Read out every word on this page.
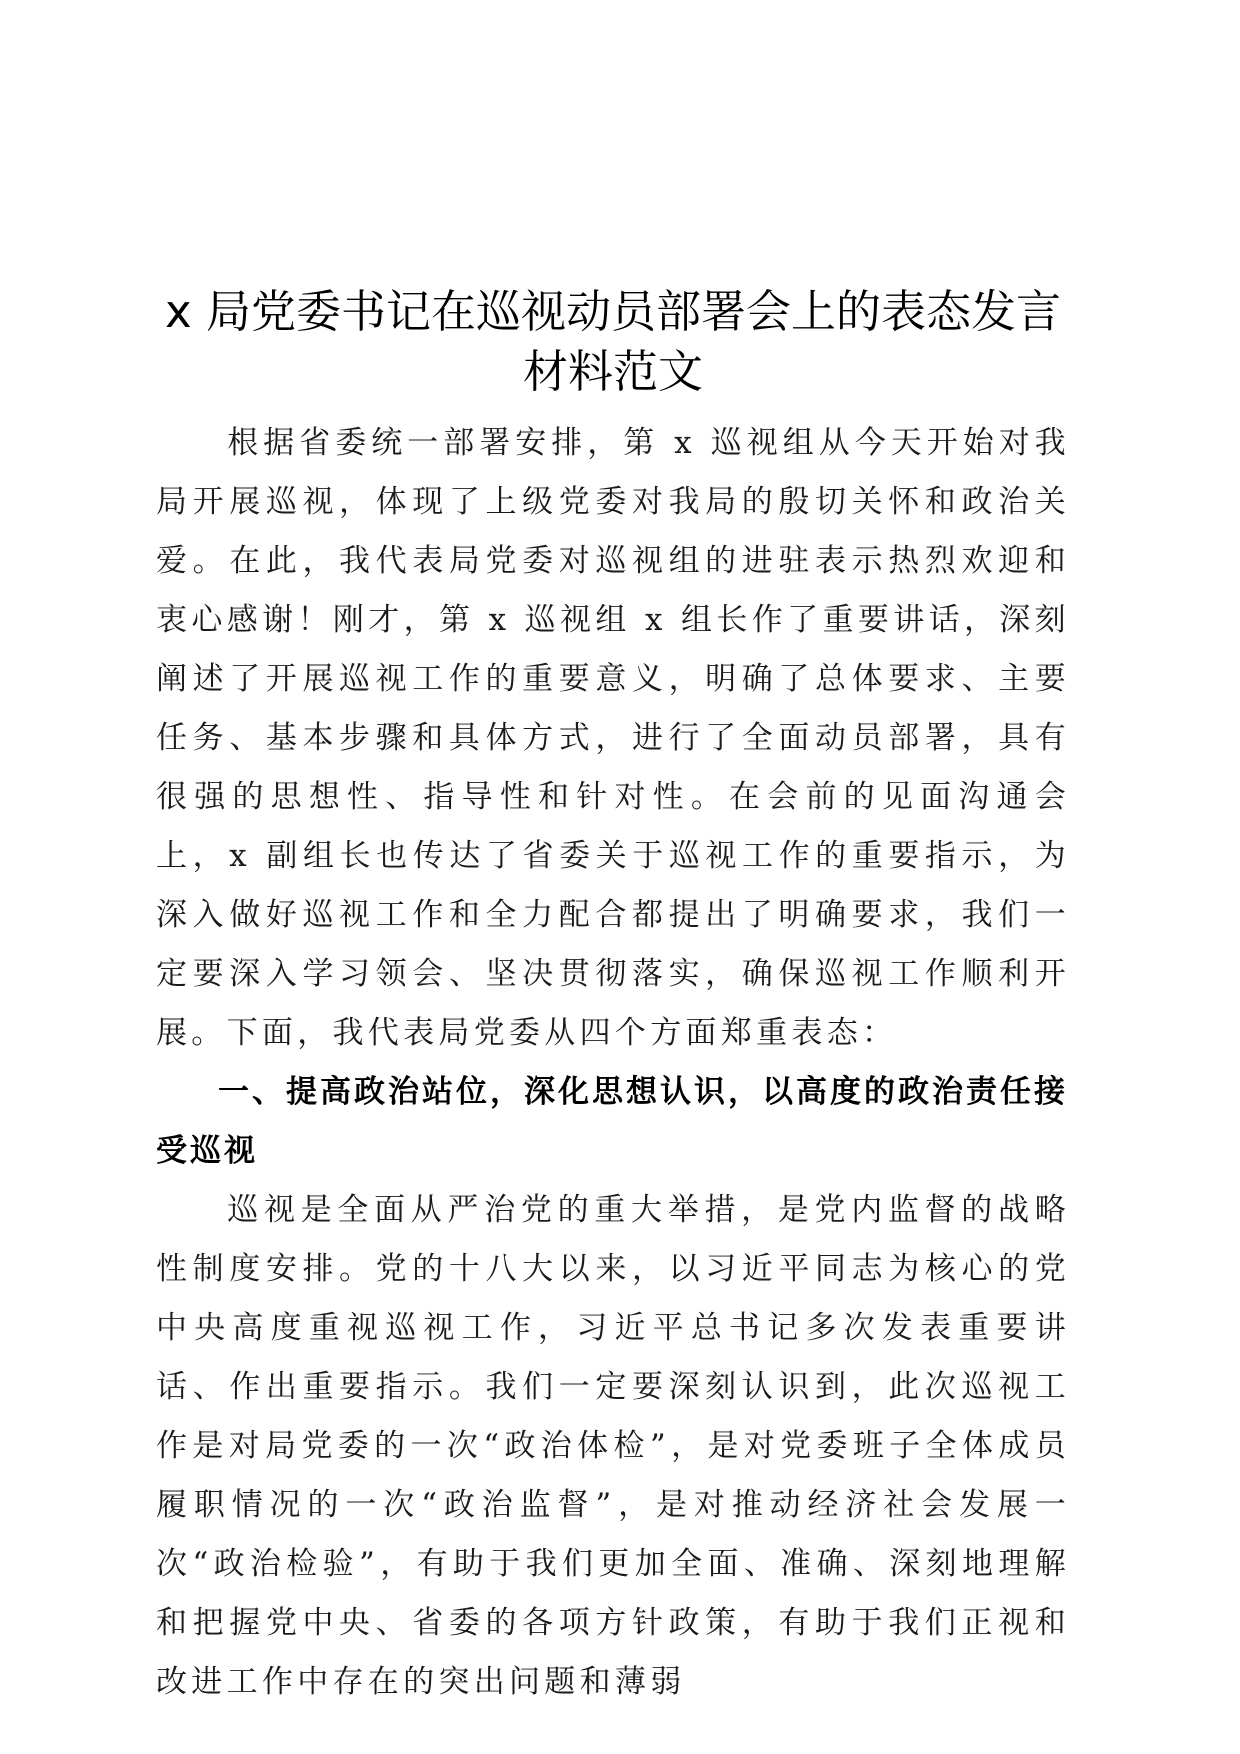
x 局党委书记在巡视动员部署会上的表态发言
材料范文

根据省委统一部署安排，第 x 巡视组从今天开始对我局开展巡视，体现了上级党委对我局的殷切关怀和政治关爱。在此，我代表局党委对巡视组的进驻表示热烈欢迎和衷心感谢！刚才，第 x 巡视组 x 组长作了重要讲话，深刻阐述了开展巡视工作的重要意义，明确了总体要求、主要任务、基本步骤和具体方式，进行了全面动员部署，具有很强的思想性、指导性和针对性。在会前的见面沟通会上，x 副组长也传达了省委关于巡视工作的重要指示，为深入做好巡视工作和全力配合都提出了明确要求，我们一定要深入学习领会、坚决贯彻落实，确保巡视工作顺利开展。下面，我代表局党委从四个方面郑重表态：

一、提高政治站位，深化思想认识，以高度的政治责任接受巡视

巡视是全面从严治党的重大举措，是党内监督的战略性制度安排。党的十八大以来，以习近平同志为核心的党中央高度重视巡视工作，习近平总书记多次发表重要讲话、作出重要指示。我们一定要深刻认识到，此次巡视工作是对局党委的一次“政治体检”，是对党委班子全体成员履职情况的一次“政治监督”，是对推动经济社会发展一次“政治检验”，有助于我们更加全面、准确、深刻地理解和把握党中央、省委的各项方针政策，有助于我们正视和改进工作中存在的突出问题和薄弱
